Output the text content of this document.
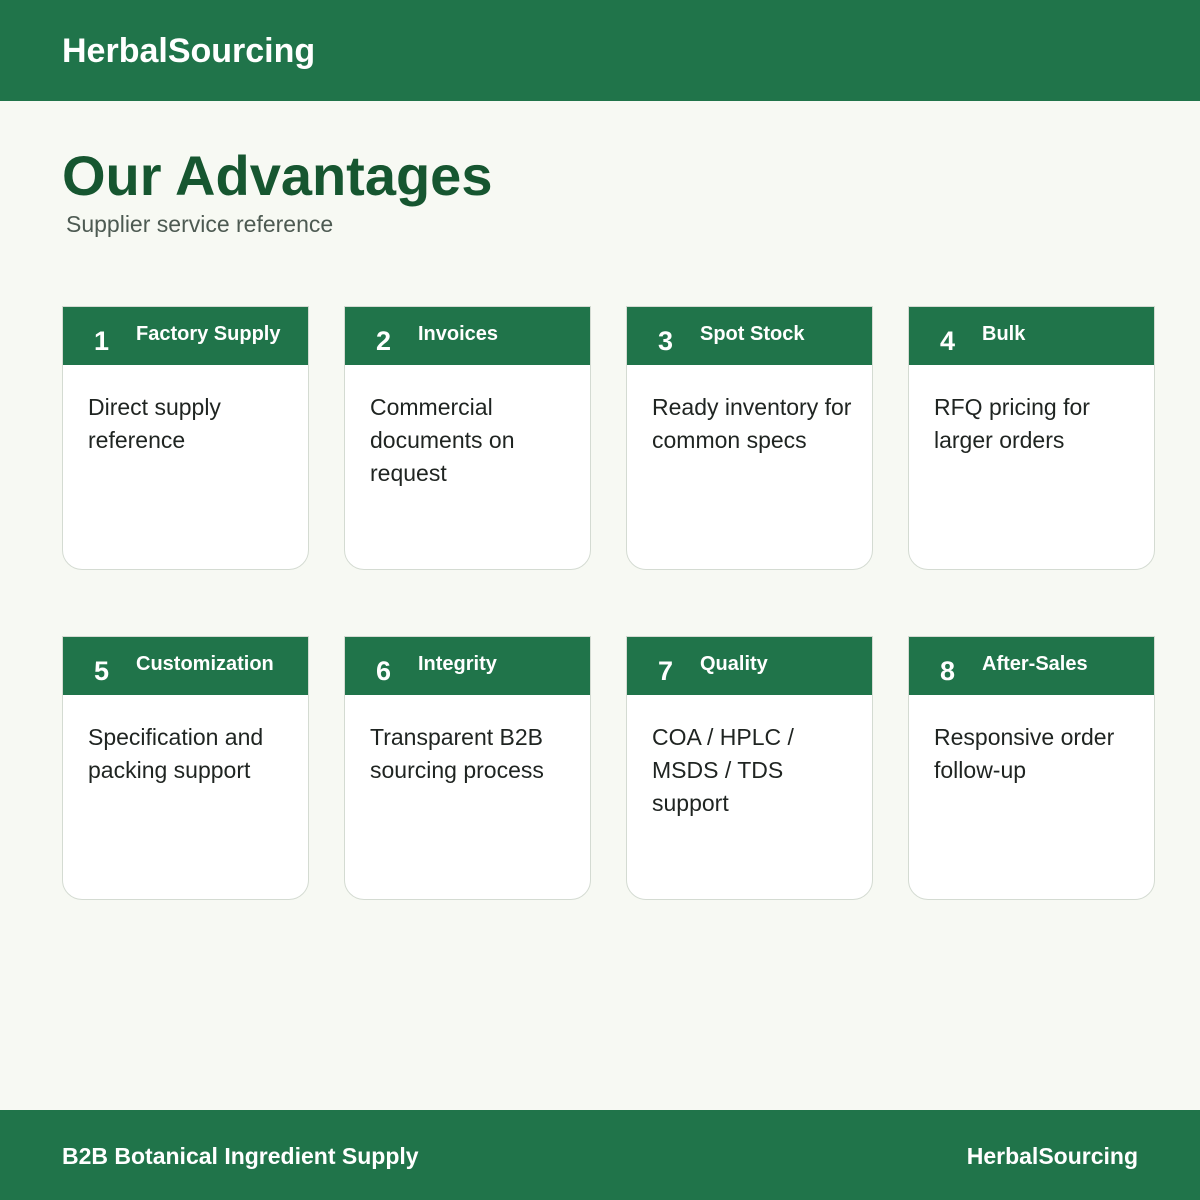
HerbalSourcing
Our Advantages
Supplier service reference
1 Factory Supply
Direct supply reference
2 Invoices
Commercial documents on request
3 Spot Stock
Ready inventory for common specs
4 Bulk
RFQ pricing for larger orders
5 Customization
Specification and packing support
6 Integrity
Transparent B2B sourcing process
7 Quality
COA / HPLC / MSDS / TDS support
8 After-Sales
Responsive order follow-up
B2B Botanical Ingredient Supply	HerbalSourcing
